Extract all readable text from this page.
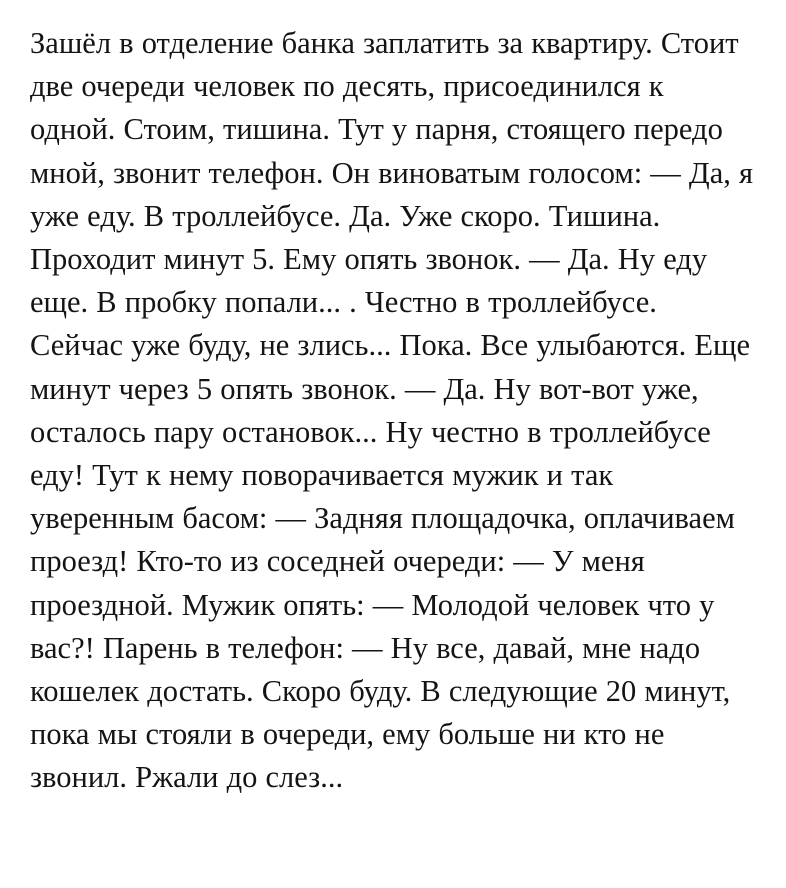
Зашёл в отделение банка заплатить за квартиру. Стоит две очереди человек по десять, присоединился к одной. Стоим, тишина. Тут у парня, стоящего передо мной, звонит телефон. Он виноватым голосом: — Да, я уже еду. В троллейбусе. Да. Уже скоро. Тишина. Проходит минут 5. Ему опять звонок. — Да. Ну еду еще. В пробку попали... . Честно в троллейбусе. Сейчас уже буду, не злись... Пока. Все улыбаются. Еще минут через 5 опять звонок. — Да. Ну вот-вот уже, осталось пару остановок... Ну честно в троллейбусе еду! Тут к нему поворачивается мужик и так уверенным басом: — Задняя площадочка, оплачиваем проезд! Кто-то из соседней очереди: — У меня проездной. Мужик опять: — Молодой человек что у вас?! Парень в телефон: — Ну все, давай, мне надо кошелек достать. Скоро буду. В следующие 20 минут, пока мы стояли в очереди, ему больше ни кто не звонил. Ржали до слез...
